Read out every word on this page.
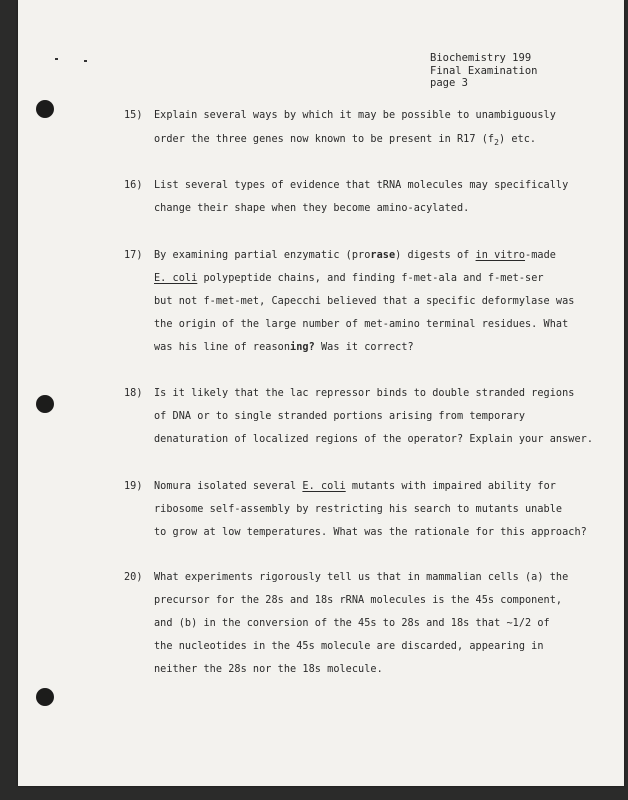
Biochemistry 199
Final Examination
page 3
15)	Explain several ways by which it may be possible to unambiguously
order the three genes now known to be present in R17 $(f_2)$ etc.
16)	List several types of evidence that tRNA molecules may specifically
change their shape when they become amino-acylated.
17)	By examining partial enzymatic (prorase) digests of in vitro-made
E. coli polypeptide chains, and finding f-met-ala and f-met-ser
but not f-met-met, Capecchi believed that a specific deformylase was
the origin of the large number of met-amino terminal residues. What
was his line of reasoning? Was it correct?
18)	Is it likely that the lac repressor binds to double stranded regions
of DNA or to single stranded portions arising from temporary
denaturation of localized regions of the operator? Explain your answer.
19)	Nomura isolated several E. coli mutants with impaired ability for
ribosome self-assembly by restricting his search to mutants unable
to grow at low temperatures. What was the rationale for this approach?
20)	What experiments rigorously tell us that in mammalian cells (a) the
precursor for the 28s and 18s rRNA molecules is the 45s component,
and (b) in the conversion of the 45s to 28s and 18s that ~1/2 of
the nucleotides in the 45s molecule are discarded, appearing in
neither the 28s nor the 18s molecule.
